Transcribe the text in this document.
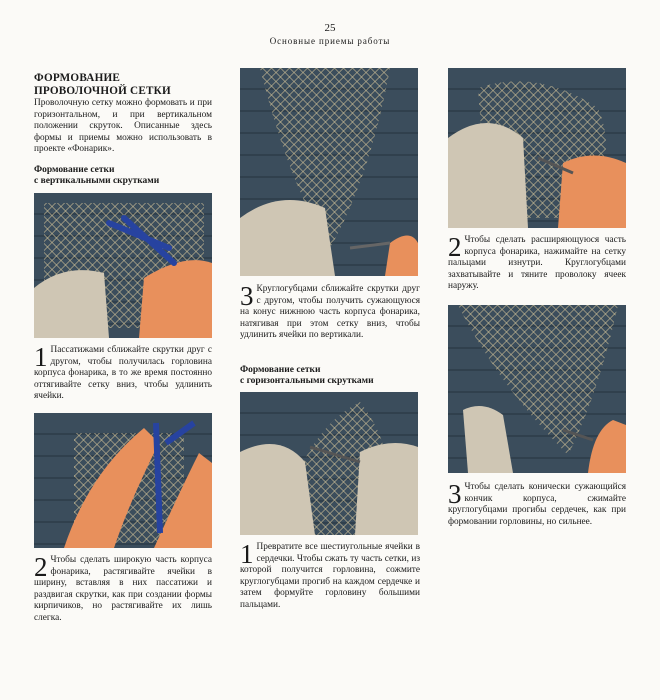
25
Основные приемы работы
ФОРМОВАНИЕ
ПРОВОЛОЧНОЙ СЕТКИ
Проволочную сетку можно формовать и при горизонтальном, и при вертикальном положении скруток. Описанные здесь формы и приемы можно использовать в проекте «Фонарик».
Формование сетки
с вертикальными скрутками
1 Пассатижами сближайте скрутки друг с другом, чтобы получилась горловина корпуса фонарика, в то же время постоянно оттягивайте сетку вниз, чтобы удлинить ячейки.
2 Чтобы сделать широкую часть корпуса фонарика, растягивайте ячейки в ширину, вставляя в них пассатижи и раздвигая скрутки, как при создании формы кирпичиков, но растягивайте их лишь слегка.
3 Круглогубцами сближайте скрутки друг с другом, чтобы получить сужающуюся на конус нижнюю часть корпуса фонарика, натягивая при этом сетку вниз, чтобы удлинить ячейки по вертикали.
Формование сетки
с горизонтальными скрутками
1 Превратите все шестиугольные ячейки в сердечки. Чтобы сжать ту часть сетки, из которой получится горловина, сожмите круглогубцами прогиб на каждом сердечке и затем формуйте горловину большими пальцами.
2 Чтобы сделать расширяющуюся часть корпуса фонарика, нажимайте на сетку пальцами изнутри. Круглогубцами захватывайте и тяните проволоку ячеек наружу.
3 Чтобы сделать конически сужающийся кончик корпуса, сжимайте круглогубцами прогибы сердечек, как при формовании горловины, но сильнее.
